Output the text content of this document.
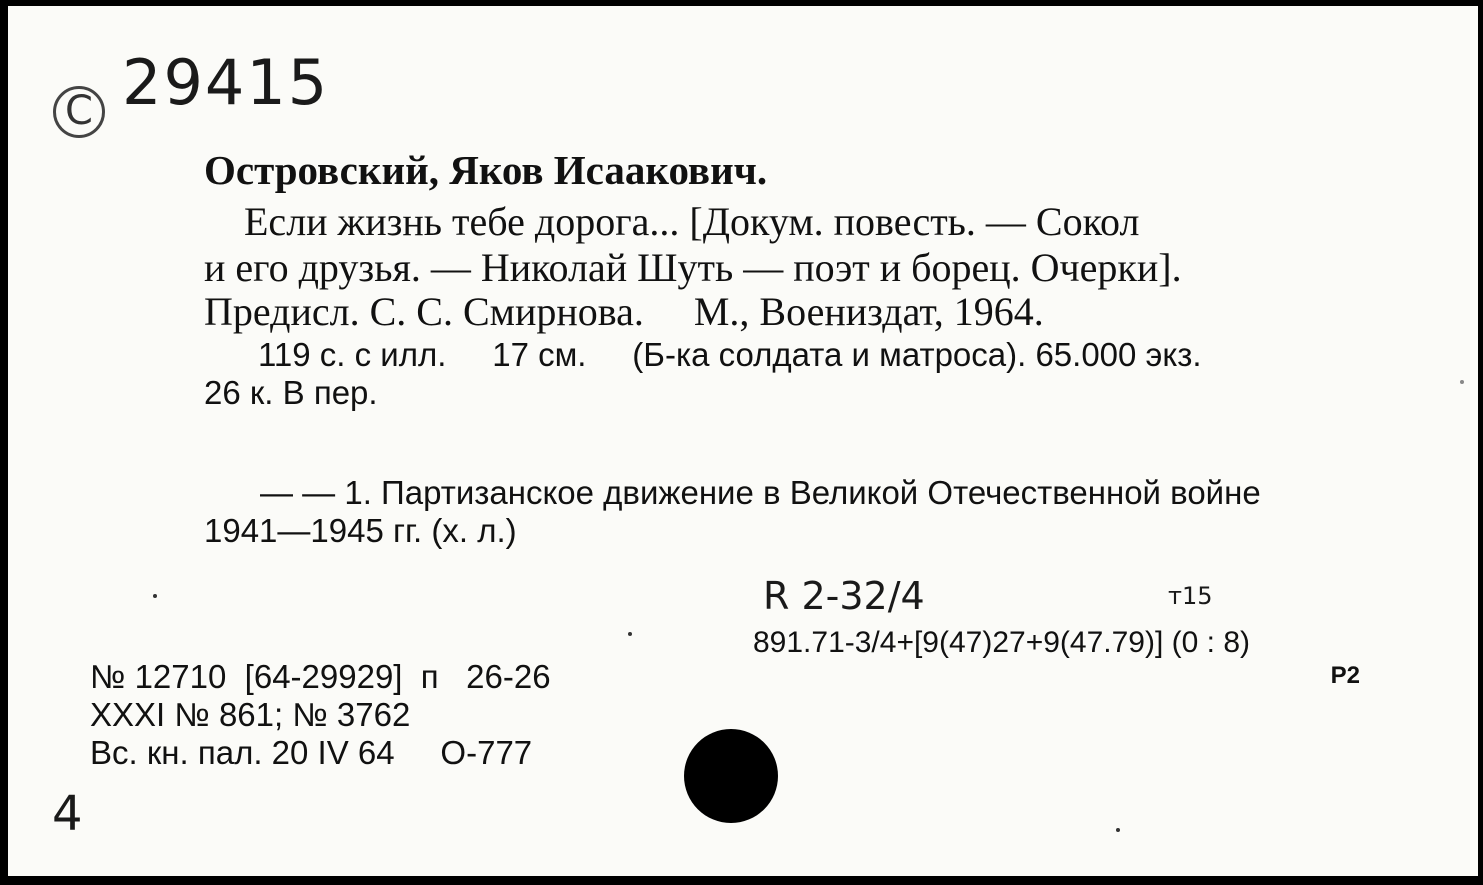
29415
C
Островский, Яков Исаакович.
Если жизнь тебе дорога... [Докум. повесть. — Сокол
и его друзья. — Николай Шуть — поэт и борец. Очерки].
Предисл. С. С. Смирнова.     М., Воениздат, 1964.
119 с. с илл.     17 см.     (Б-ка солдата и матроса). 65.000 экз.
26 к. В пер.
— — 1. Партизанское движение в Великой Отечественной войне
1941—1945 гг. (х. л.)
R 2-32/4	т15
891.71-3/4+[9(47)27+9(47.79)] (0 : 8)
Р2
№ 12710  [64-29929]  п   26-26
XXXI № 861; № 3762
Вс. кн. пал. 20 IV 64     О-777
4
